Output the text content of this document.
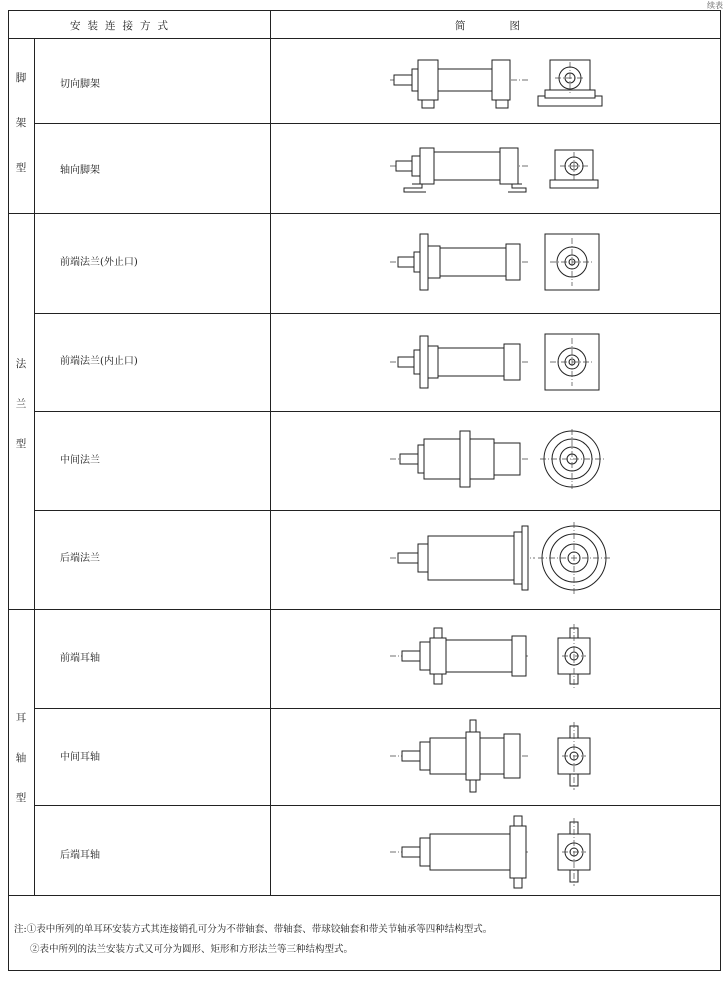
续表
安装连接方式	简图
脚
架
型
法
兰
型
耳
轴
型
切向脚架
轴向脚架
前端法兰(外止口)
前端法兰(内止口)
中间法兰
后端法兰
前端耳轴
中间耳轴
后端耳轴
注:①表中所列的单耳环安装方式其连接销孔可分为不带轴套、带轴套、带球铰轴套和带关节轴承等四种结构型式。
②表中所列的法兰安装方式又可分为圆形、矩形和方形法兰等三种结构型式。
